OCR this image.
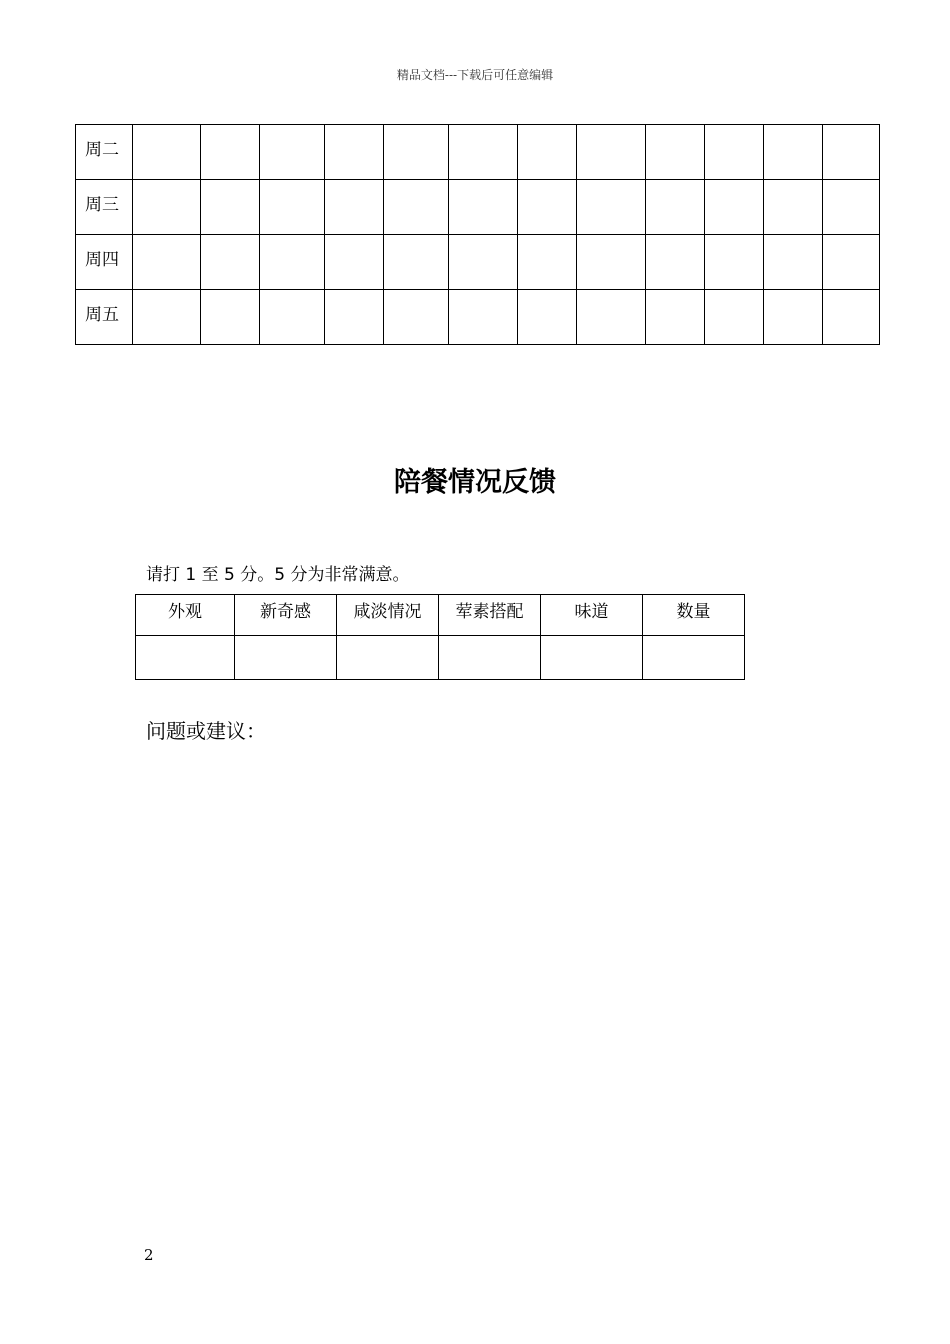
精品文档---下载后可任意编辑
周二												
周三												
周四												
周五												
陪餐情况反馈
请打 1 至 5 分。5 分为非常满意。
外观	新奇感	咸淡情况	荤素搭配	味道	数量

问题或建议：
2
